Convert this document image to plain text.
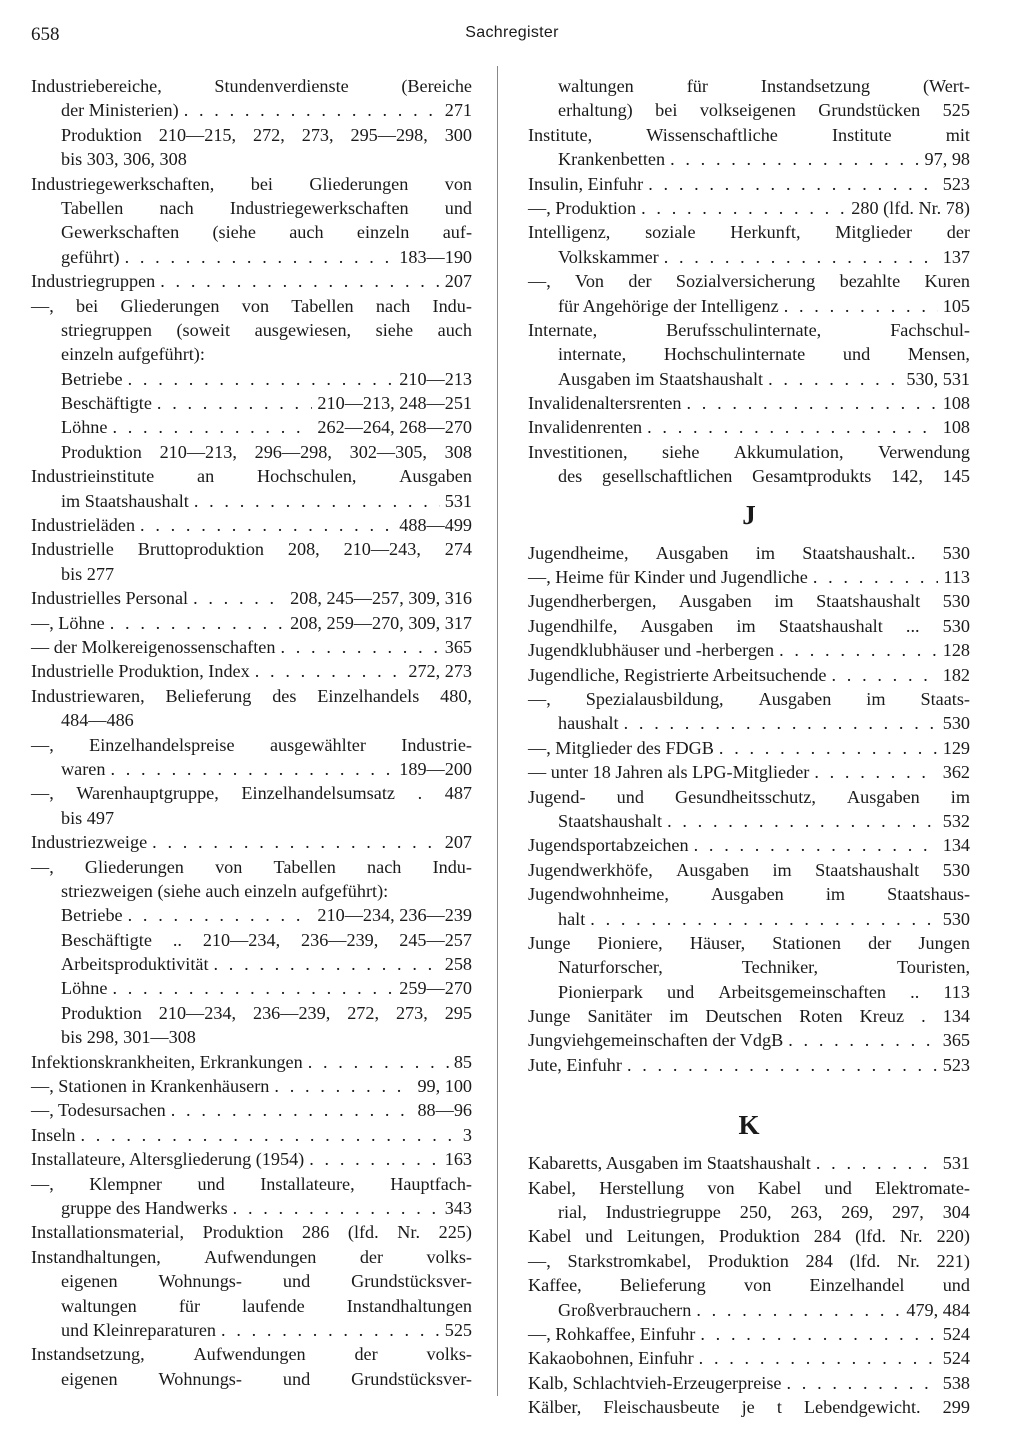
658	Sachregister
Industriebereiche,	Stundenverdienste	(Bereiche
der Ministerien) . . .	271
Produktion 210—215, 272, 273, 295—298, 300
bis 303, 306, 308
Industriegewerkschaften, bei Gliederungen von
Tabellen nach Industriegewerkschaften und
Gewerkschaften (siehe auch einzeln auf-
geführt) . . .	183—190
Industriegruppen . . .	207
—, bei Gliederungen von Tabellen nach Indu-
striegruppen (soweit ausgewiesen, siehe auch
einzeln aufgeführt):
Betriebe . . .	210—213
Beschäftigte . . .	210—213, 248—251
Löhne . . .	262—264, 268—270
Produktion 210—213, 296—298, 302—305, 308
Industrieinstitute an Hochschulen, Ausgaben
im Staatshaushalt . . .	531
Industrieläden . . .	488—499
Industrielle Bruttoproduktion 208, 210—243, 274
bis 277
Industrielles Personal . . .	208, 245—257, 309, 316
—, Löhne . . .	208, 259—270, 309, 317
— der Molkereigenossenschaften . . .	365
Industrielle Produktion, Index . . .	272, 273
Industriewaren, Belieferung des Einzelhandels 480,
484—486
—, Einzelhandelspreise ausgewählter Industrie-
waren . . .	189—200
—, Warenhauptgruppe, Einzelhandelsumsatz . 487
bis 497
Industriezweige . . .	207
—, Gliederungen von Tabellen nach Indu-
striezweigen (siehe auch einzeln aufgeführt):
Betriebe . . .	210—234, 236—239
Beschäftigte .. 210—234, 236—239, 245—257
Arbeitsproduktivität . . .	258
Löhne . . .	259—270
Produktion 210—234, 236—239, 272, 273, 295
bis 298, 301—308
Infektionskrankheiten, Erkrankungen . . .	85
—, Stationen in Krankenhäusern . . .	99, 100
—, Todesursachen . . .	88—96
Inseln . . .	3
Installateure, Altersgliederung (1954) . . .	163
—, Klempner und Installateure, Hauptfach-
gruppe des Handwerks . . .	343
Installationsmaterial, Produktion 286 (lfd. Nr. 225)
Instandhaltungen, Aufwendungen der volks-
eigenen Wohnungs- und Grundstücksver-
waltungen für laufende Instandhaltungen
und Kleinreparaturen . . .	525
Instandsetzung,	Aufwendungen	der	volks-
eigenen Wohnungs- und Grundstücksver-
waltungen	für	Instandsetzung	(Wert-
erhaltung) bei volkseigenen Grundstücken 525
Institute,	Wissenschaftliche	Institute	mit
Krankenbetten . . .	97, 98
Insulin, Einfuhr . . .	523
—, Produktion . . .	280 (lfd. Nr. 78)
Intelligenz, soziale Herkunft, Mitglieder der
Volkskammer . . .	137
—, Von der Sozialversicherung bezahlte Kuren
für Angehörige der Intelligenz . . .	105
Internate,	Berufsschulinternate,	Fachschul-
internate, Hochschulinternate und Mensen,
Ausgaben im Staatshaushalt . . .	530, 531
Invalidenaltersrenten . . .	108
Invalidenrenten . . .	108
Investitionen, siehe Akkumulation, Verwendung
des gesellschaftlichen Gesamtprodukts 142, 145
J
Jugendheime, Ausgaben im Staatshaushalt.. 530
—, Heime für Kinder und Jugendliche . . .	113
Jugendherbergen, Ausgaben im Staatshaushalt 530
Jugendhilfe, Ausgaben im Staatshaushalt ... 530
Jugendklubhäuser und -herbergen . . .	128
Jugendliche, Registrierte Arbeitsuchende . . .	182
—, Spezialausbildung, Ausgaben im Staats-
haushalt . . .	530
—, Mitglieder des FDGB . . .	129
— unter 18 Jahren als LPG-Mitglieder . . .	362
Jugend- und Gesundheitsschutz, Ausgaben im
Staatshaushalt . . .	532
Jugendsportabzeichen . . .	134
Jugendwerkhöfe, Ausgaben im Staatshaushalt 530
Jugendwohnheime, Ausgaben im Staatshaus-
halt . . .	530
Junge Pioniere, Häuser, Stationen der Jungen
Naturforscher,	Techniker,	Touristen,
Pionierpark und Arbeitsgemeinschaften .. 113
Junge Sanitäter im Deutschen Roten Kreuz . 134
Jungviehgemeinschaften der VdgB . . .	365
Jute, Einfuhr . . .	523
K
Kabaretts, Ausgaben im Staatshaushalt . . .	531
Kabel, Herstellung von Kabel und Elektromate-
rial, Industriegruppe 250, 263, 269, 297, 304
Kabel und Leitungen, Produktion 284 (lfd. Nr. 220)
—, Starkstromkabel, Produktion 284 (lfd. Nr. 221)
Kaffee, Belieferung von Einzelhandel und
Großverbrauchern . . .	479, 484
—, Rohkaffee, Einfuhr . . .	524
Kakaobohnen, Einfuhr . . .	524
Kalb, Schlachtvieh-Erzeugerpreise . . .	538
Kälber, Fleischausbeute je t Lebendgewicht. 299
